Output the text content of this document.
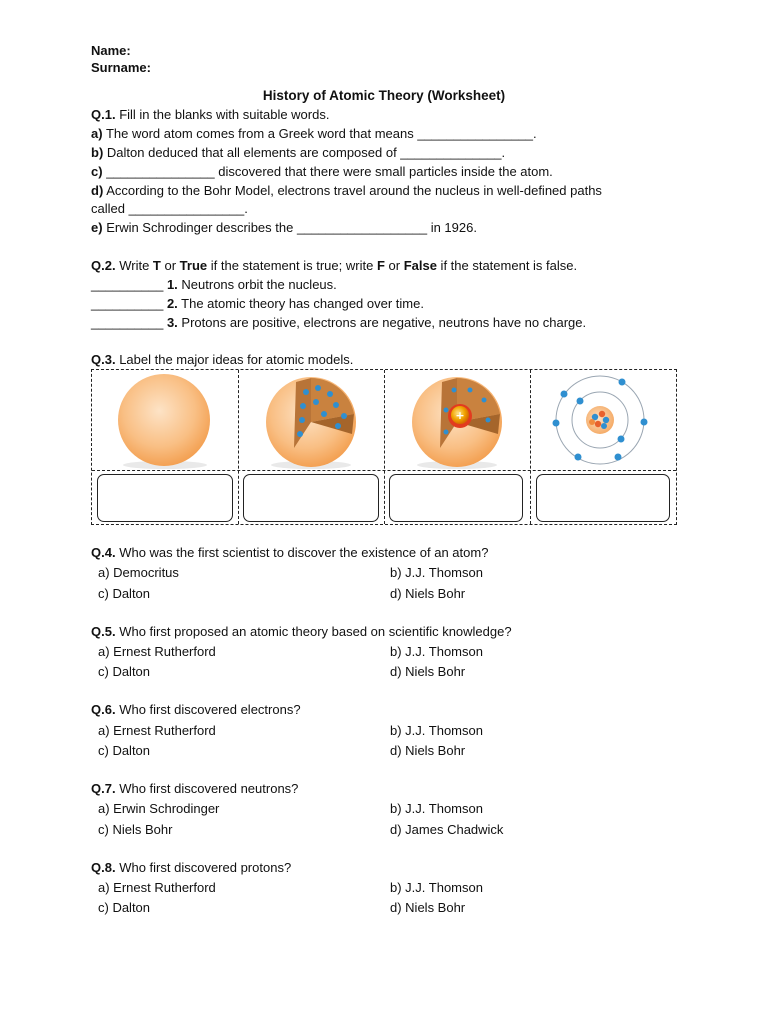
Name:
Surname:
History of Atomic Theory (Worksheet)
Q.1. Fill in the blanks with suitable words.
a) The word atom comes from a Greek word that means ________________.
b) Dalton deduced that all elements are composed of ______________.
c) _______________ discovered that there were small particles inside the atom.
d) According to the Bohr Model, electrons travel around the nucleus in well-defined paths
called ________________.
e) Erwin Schrodinger describes the __________________ in 1926.
Q.2. Write T or True if the statement is true; write F or False if the statement is false.
__________ 1. Neutrons orbit the nucleus.
__________ 2. The atomic theory has changed over time.
__________ 3. Protons are positive, electrons are negative, neutrons have no charge.
Q.3. Label the major ideas for atomic models.
+
Q.4. Who was the first scientist to discover the existence of an atom?
a) Democritus	b) J.J. Thomson
c) Dalton	d) Niels Bohr
Q.5. Who first proposed an atomic theory based on scientific knowledge?
a) Ernest Rutherford	b) J.J. Thomson
c) Dalton	d) Niels Bohr
Q.6. Who first discovered electrons?
a) Ernest Rutherford	b) J.J. Thomson
c) Dalton	d) Niels Bohr
Q.7. Who first discovered neutrons?
a) Erwin Schrodinger	b) J.J. Thomson
c) Niels Bohr	d) James Chadwick
Q.8. Who first discovered protons?
a) Ernest Rutherford	b) J.J. Thomson
c) Dalton	d) Niels Bohr
